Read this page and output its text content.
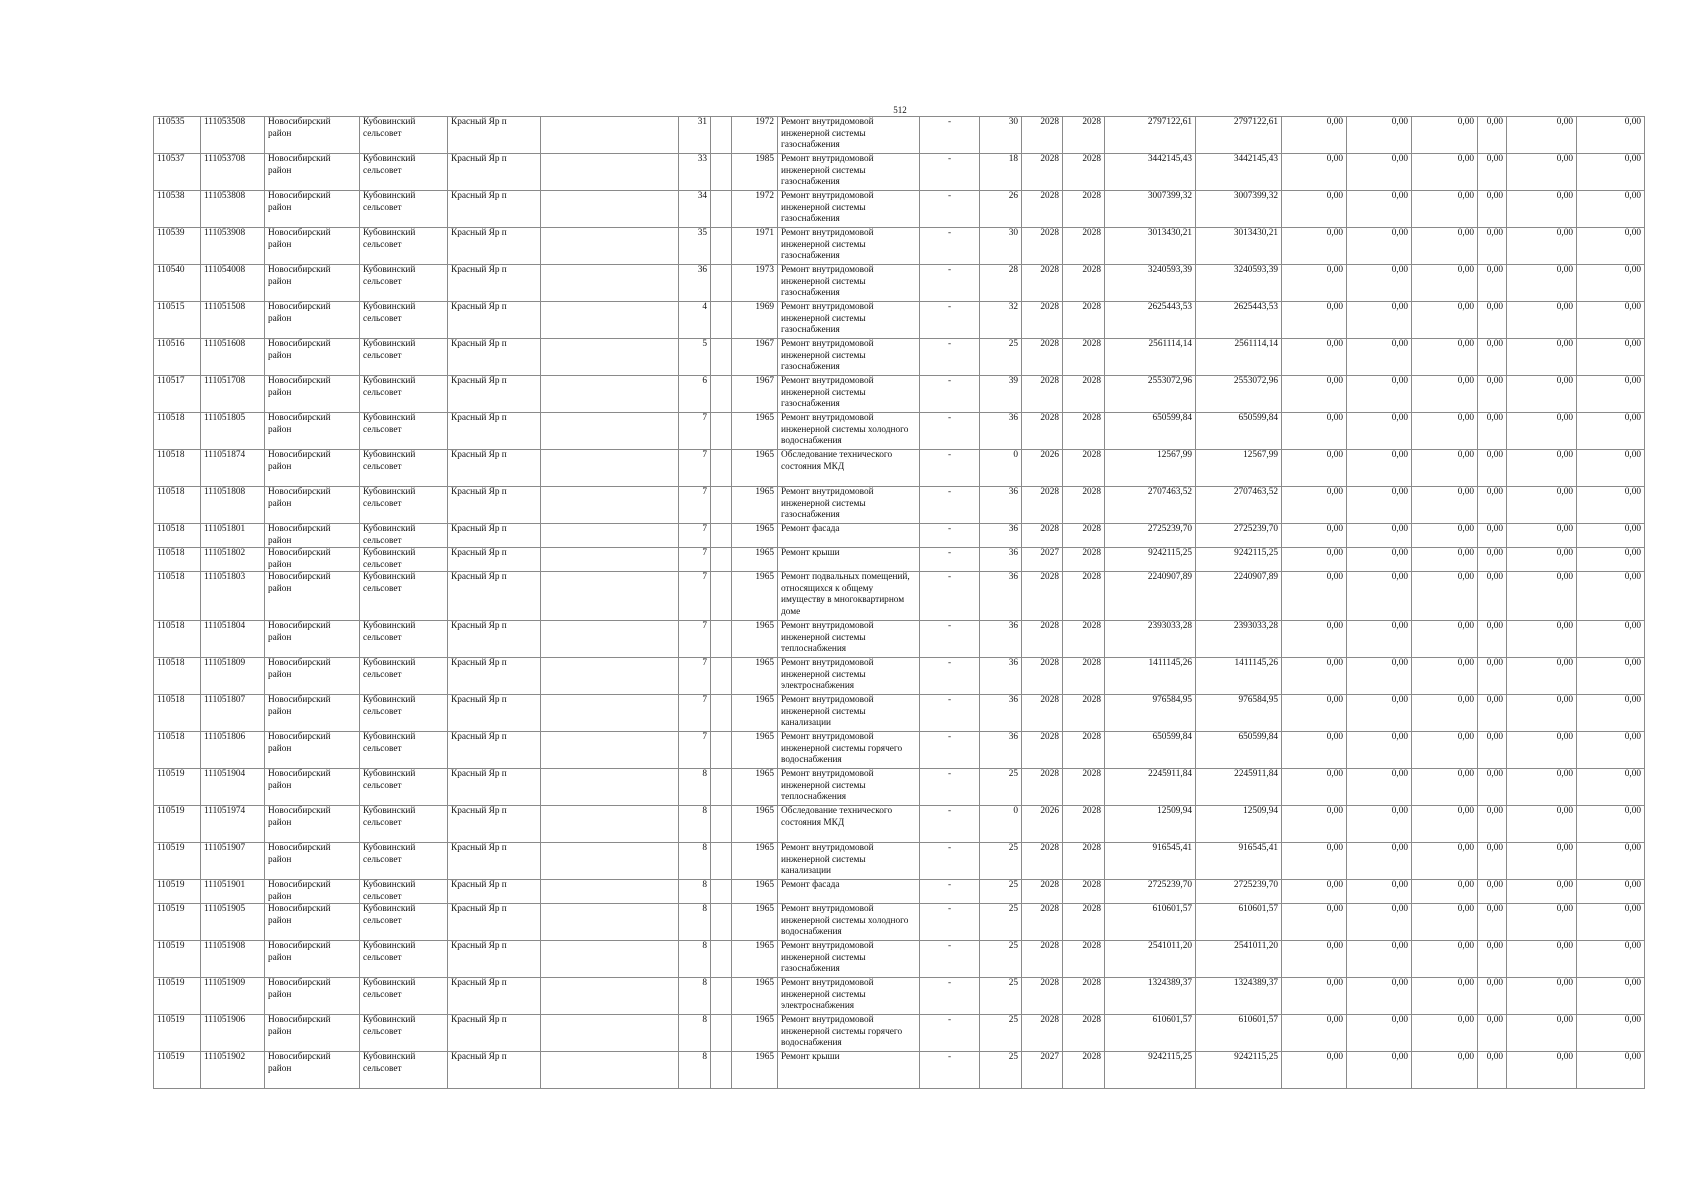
512
110535	111053508	Новосибирский район	Кубовинский сельсовет	Красный Яр п		31		1972	Ремонт внутридомовой инженерной системы газоснабжения	-	30	2028	2028	2797122,61	2797122,61	0,00	0,00	0,00	0,00	0,00	0,00
110537	111053708	Новосибирский район	Кубовинский сельсовет	Красный Яр п		33		1985	Ремонт внутридомовой инженерной системы газоснабжения	-	18	2028	2028	3442145,43	3442145,43	0,00	0,00	0,00	0,00	0,00	0,00
110538	111053808	Новосибирский район	Кубовинский сельсовет	Красный Яр п		34		1972	Ремонт внутридомовой инженерной системы газоснабжения	-	26	2028	2028	3007399,32	3007399,32	0,00	0,00	0,00	0,00	0,00	0,00
110539	111053908	Новосибирский район	Кубовинский сельсовет	Красный Яр п		35		1971	Ремонт внутридомовой инженерной системы газоснабжения	-	30	2028	2028	3013430,21	3013430,21	0,00	0,00	0,00	0,00	0,00	0,00
110540	111054008	Новосибирский район	Кубовинский сельсовет	Красный Яр п		36		1973	Ремонт внутридомовой инженерной системы газоснабжения	-	28	2028	2028	3240593,39	3240593,39	0,00	0,00	0,00	0,00	0,00	0,00
110515	111051508	Новосибирский район	Кубовинский сельсовет	Красный Яр п		4		1969	Ремонт внутридомовой инженерной системы газоснабжения	-	32	2028	2028	2625443,53	2625443,53	0,00	0,00	0,00	0,00	0,00	0,00
110516	111051608	Новосибирский район	Кубовинский сельсовет	Красный Яр п		5		1967	Ремонт внутридомовой инженерной системы газоснабжения	-	25	2028	2028	2561114,14	2561114,14	0,00	0,00	0,00	0,00	0,00	0,00
110517	111051708	Новосибирский район	Кубовинский сельсовет	Красный Яр п		6		1967	Ремонт внутридомовой инженерной системы газоснабжения	-	39	2028	2028	2553072,96	2553072,96	0,00	0,00	0,00	0,00	0,00	0,00
110518	111051805	Новосибирский район	Кубовинский сельсовет	Красный Яр п		7		1965	Ремонт внутридомовой инженерной системы холодного водоснабжения	-	36	2028	2028	650599,84	650599,84	0,00	0,00	0,00	0,00	0,00	0,00
110518	111051874	Новосибирский район	Кубовинский сельсовет	Красный Яр п		7		1965	Обследование технического состояния МКД	-	0	2026	2028	12567,99	12567,99	0,00	0,00	0,00	0,00	0,00	0,00
110518	111051808	Новосибирский район	Кубовинский сельсовет	Красный Яр п		7		1965	Ремонт внутридомовой инженерной системы газоснабжения	-	36	2028	2028	2707463,52	2707463,52	0,00	0,00	0,00	0,00	0,00	0,00
110518	111051801	Новосибирский район	Кубовинский сельсовет	Красный Яр п		7		1965	Ремонт фасада	-	36	2028	2028	2725239,70	2725239,70	0,00	0,00	0,00	0,00	0,00	0,00
110518	111051802	Новосибирский район	Кубовинский сельсовет	Красный Яр п		7		1965	Ремонт крыши	-	36	2027	2028	9242115,25	9242115,25	0,00	0,00	0,00	0,00	0,00	0,00
110518	111051803	Новосибирский район	Кубовинский сельсовет	Красный Яр п		7		1965	Ремонт подвальных помещений, относящихся к общему имуществу в многоквартирном доме	-	36	2028	2028	2240907,89	2240907,89	0,00	0,00	0,00	0,00	0,00	0,00
110518	111051804	Новосибирский район	Кубовинский сельсовет	Красный Яр п		7		1965	Ремонт внутридомовой инженерной системы теплоснабжения	-	36	2028	2028	2393033,28	2393033,28	0,00	0,00	0,00	0,00	0,00	0,00
110518	111051809	Новосибирский район	Кубовинский сельсовет	Красный Яр п		7		1965	Ремонт внутридомовой инженерной системы электроснабжения	-	36	2028	2028	1411145,26	1411145,26	0,00	0,00	0,00	0,00	0,00	0,00
110518	111051807	Новосибирский район	Кубовинский сельсовет	Красный Яр п		7		1965	Ремонт внутридомовой инженерной системы канализации	-	36	2028	2028	976584,95	976584,95	0,00	0,00	0,00	0,00	0,00	0,00
110518	111051806	Новосибирский район	Кубовинский сельсовет	Красный Яр п		7		1965	Ремонт внутридомовой инженерной системы горячего водоснабжения	-	36	2028	2028	650599,84	650599,84	0,00	0,00	0,00	0,00	0,00	0,00
110519	111051904	Новосибирский район	Кубовинский сельсовет	Красный Яр п		8		1965	Ремонт внутридомовой инженерной системы теплоснабжения	-	25	2028	2028	2245911,84	2245911,84	0,00	0,00	0,00	0,00	0,00	0,00
110519	111051974	Новосибирский район	Кубовинский сельсовет	Красный Яр п		8		1965	Обследование технического состояния МКД	-	0	2026	2028	12509,94	12509,94	0,00	0,00	0,00	0,00	0,00	0,00
110519	111051907	Новосибирский район	Кубовинский сельсовет	Красный Яр п		8		1965	Ремонт внутридомовой инженерной системы канализации	-	25	2028	2028	916545,41	916545,41	0,00	0,00	0,00	0,00	0,00	0,00
110519	111051901	Новосибирский район	Кубовинский сельсовет	Красный Яр п		8		1965	Ремонт фасада	-	25	2028	2028	2725239,70	2725239,70	0,00	0,00	0,00	0,00	0,00	0,00
110519	111051905	Новосибирский район	Кубовинский сельсовет	Красный Яр п		8		1965	Ремонт внутридомовой инженерной системы холодного водоснабжения	-	25	2028	2028	610601,57	610601,57	0,00	0,00	0,00	0,00	0,00	0,00
110519	111051908	Новосибирский район	Кубовинский сельсовет	Красный Яр п		8		1965	Ремонт внутридомовой инженерной системы газоснабжения	-	25	2028	2028	2541011,20	2541011,20	0,00	0,00	0,00	0,00	0,00	0,00
110519	111051909	Новосибирский район	Кубовинский сельсовет	Красный Яр п		8		1965	Ремонт внутридомовой инженерной системы электроснабжения	-	25	2028	2028	1324389,37	1324389,37	0,00	0,00	0,00	0,00	0,00	0,00
110519	111051906	Новосибирский район	Кубовинский сельсовет	Красный Яр п		8		1965	Ремонт внутридомовой инженерной системы горячего водоснабжения	-	25	2028	2028	610601,57	610601,57	0,00	0,00	0,00	0,00	0,00	0,00
110519	111051902	Новосибирский район	Кубовинский сельсовет	Красный Яр п		8		1965	Ремонт крыши	-	25	2027	2028	9242115,25	9242115,25	0,00	0,00	0,00	0,00	0,00	0,00
